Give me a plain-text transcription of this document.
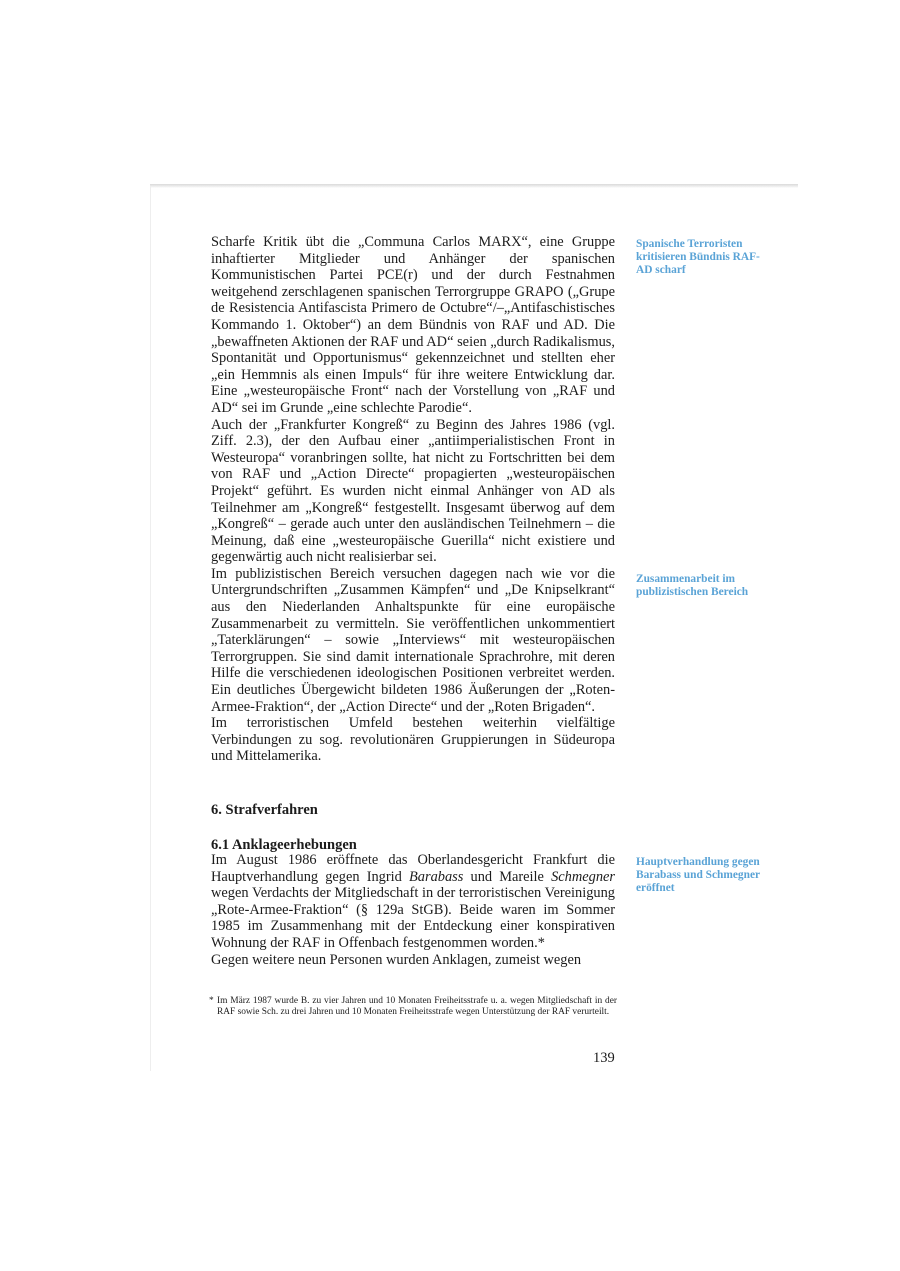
Scharfe Kritik übt die „Communa Carlos MARX“, eine Gruppe inhaftierter Mitglieder und Anhänger der spanischen Kommunistischen Partei PCE(r) und der durch Festnahmen weitgehend zerschlagenen spanischen Terrorgruppe GRAPO („Grupe de Resistencia Antifascista Primero de Octubre“/–„Antifaschistisches Kommando 1. Oktober“) an dem Bündnis von RAF und AD. Die „bewaffneten Aktionen der RAF und AD“ seien „durch Radikalismus, Spontanität und Opportunismus“ gekennzeichnet und stellten eher „ein Hemmnis als einen Impuls“ für ihre weitere Entwicklung dar. Eine „westeuropäische Front“ nach der Vorstellung von „RAF und AD“ sei im Grunde „eine schlechte Parodie“.

Auch der „Frankfurter Kongreß“ zu Beginn des Jahres 1986 (vgl. Ziff. 2.3), der den Aufbau einer „antiimperialistischen Front in Westeuropa“ voranbringen sollte, hat nicht zu Fortschritten bei dem von RAF und „Action Directe“ propagierten „westeuropäischen Projekt“ geführt. Es wurden nicht einmal Anhänger von AD als Teilnehmer am „Kongreß“ festgestellt. Insgesamt überwog auf dem „Kongreß“ – gerade auch unter den ausländischen Teilnehmern – die Meinung, daß eine „westeuropäische Guerilla“ nicht existiere und gegenwärtig auch nicht realisierbar sei.

Im publizistischen Bereich versuchen dagegen nach wie vor die Untergrundschriften „Zusammen Kämpfen“ und „De Knipselkrant“ aus den Niederlanden Anhaltspunkte für eine europäische Zusammenarbeit zu vermitteln. Sie veröffentlichen unkommentiert „Taterklärungen“ – sowie „Interviews“ mit westeuropäischen Terrorgruppen. Sie sind damit internationale Sprachrohre, mit deren Hilfe die verschiedenen ideologischen Positionen verbreitet werden. Ein deutliches Übergewicht bildeten 1986 Äußerungen der „Roten-Armee-Fraktion“, der „Action Directe“ und der „Roten Brigaden“.

Im terroristischen Umfeld bestehen weiterhin vielfältige Verbindungen zu sog. revolutionären Gruppierungen in Südeuropa und Mittelamerika.

6. Strafverfahren
6.1 Anklageerhebungen

Im August 1986 eröffnete das Oberlandesgericht Frankfurt die Hauptverhandlung gegen Ingrid Barabass und Mareile Schmegner wegen Verdachts der Mitgliedschaft in der terroristischen Vereinigung „Rote-Armee-Fraktion“ (§ 129a StGB). Beide waren im Sommer 1985 im Zusammenhang mit der Entdeckung einer konspirativen Wohnung der RAF in Offenbach festgenommen worden.*

Gegen weitere neun Personen wurden Anklagen, zumeist wegen

Spanische Terroristen kritisieren Bündnis RAF-AD scharf
Zusammenarbeit im publizistischen Bereich
Hauptverhandlung gegen Barabass und Schmegner eröffnet
* Im März 1987 wurde B. zu vier Jahren und 10 Monaten Freiheitsstrafe u. a. wegen Mitgliedschaft in der RAF sowie Sch. zu drei Jahren und 10 Monaten Freiheitsstrafe wegen Unterstützung der RAF verurteilt.
139
